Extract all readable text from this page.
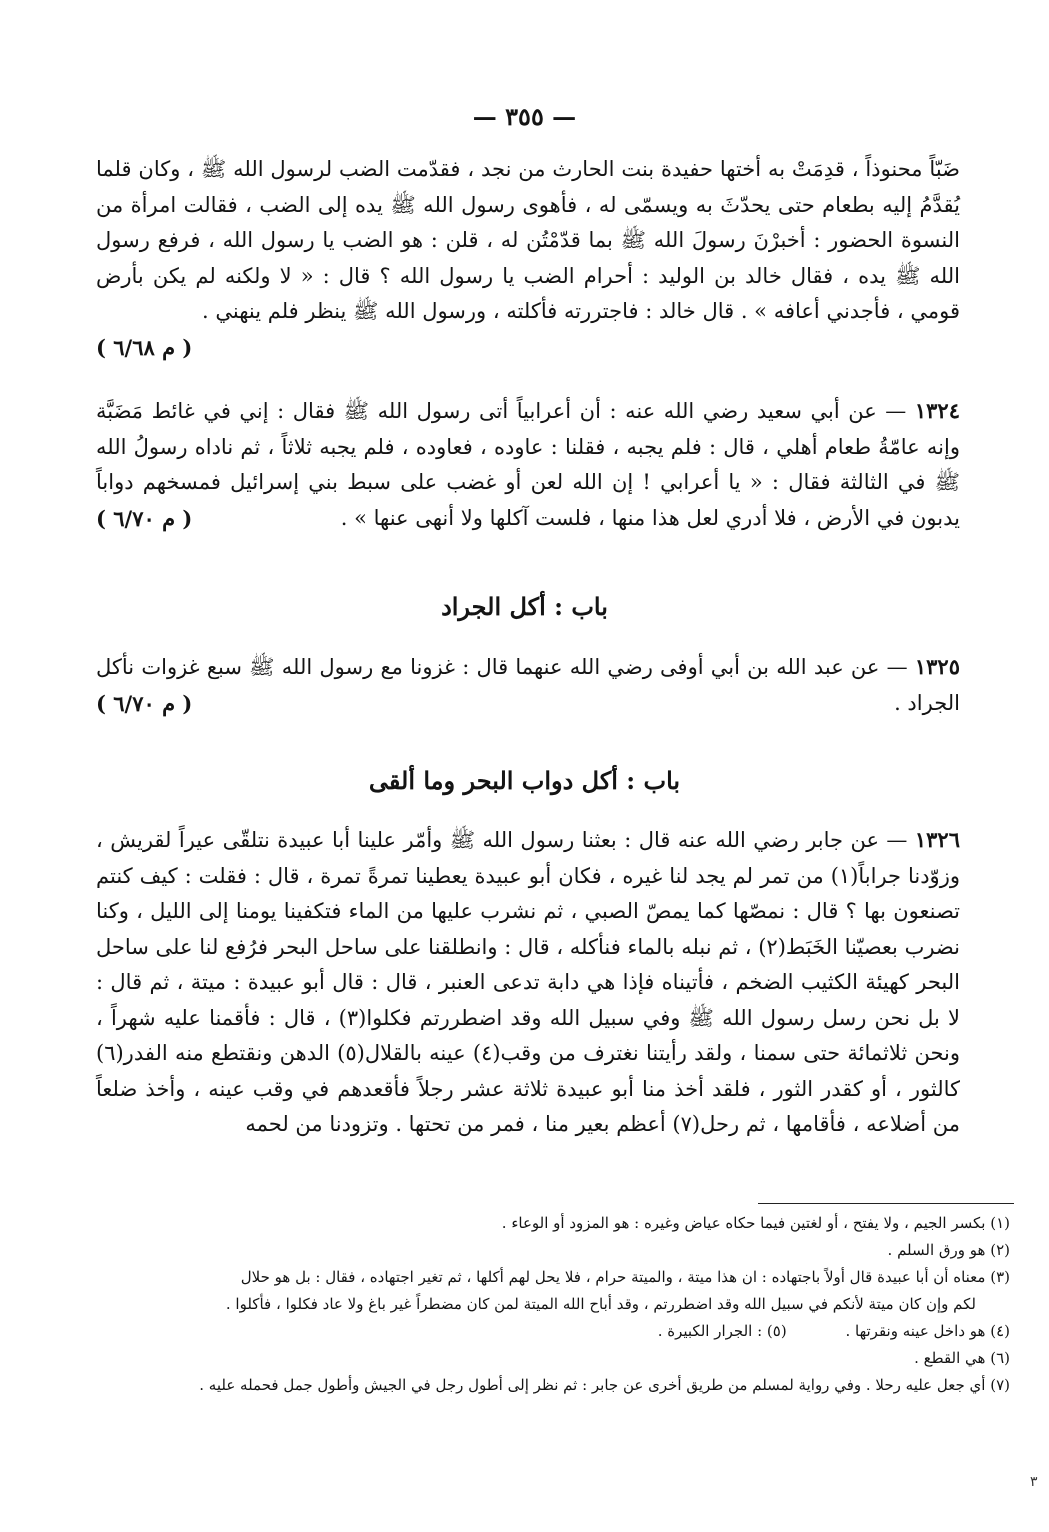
— ٣٥٥ —
ضَبّاً محنوذاً ، قدِمَتْ به أختها حفيدة بنت الحارث من نجد ، فقدّمت الضب لرسول الله ﷺ ، وكان قلما يُقدَّمُ إليه بطعام حتى يحدّثَ به ويسمّى له ، فأهوى رسول الله ﷺ يده إلى الضب ، فقالت امرأة من النسوة الحضور : أخبرْنَ رسولَ الله ﷺ بما قدّمْتُن له ، قلن : هو الضب يا رسول الله ، فرفع رسول الله ﷺ يده ، فقال خالد بن الوليد : أحرام الضب يا رسول الله ؟ قال : « لا ولكنه لم يكن بأرض قومي ، فأجدني أعافه » . قال خالد : فاجتررته فأكلته ، ورسول الله ﷺ ينظر فلم ينهني .
( م ٦/٦٨ )
١٣٢٤ — عن أبي سعيد رضي الله عنه : أن أعرابياً أتى رسول الله ﷺ فقال : إني في غائط مَضَبَّة وإنه عامّةُ طعام أهلي ، قال : فلم يجبه ، فقلنا : عاوده ، فعاوده ، فلم يجبه ثلاثاً ، ثم ناداه رسولُ الله ﷺ في الثالثة فقال : « يا أعرابي ! إن الله لعن أو غضب على سبط بني إسرائيل فمسخهم دواباً يدبون في الأرض ، فلا أدري لعل هذا منها ، فلست آكلها ولا أنهى عنها » .
( م ٦/٧٠ )
باب : أكل الجراد
١٣٢٥ — عن عبد الله بن أبي أوفى رضي الله عنهما قال : غزونا مع رسول الله ﷺ سبع غزوات نأكل الجراد .
( م ٦/٧٠ )
باب : أكل دواب البحر وما ألقى
١٣٢٦ — عن جابر رضي الله عنه قال : بعثنا رسول الله ﷺ وأمّر علينا أبا عبيدة نتلقّى عيراً لقريش ، وزوّدنا جراباً(١) من تمر لم يجد لنا غيره ، فكان أبو عبيدة يعطينا تمرةً تمرة ، قال : فقلت : كيف كنتم تصنعون بها ؟ قال : نمصّها كما يمصّ الصبي ، ثم نشرب عليها من الماء فتكفينا يومنا إلى الليل ، وكنا نضرب بعصيّنا الخَبَط(٢) ، ثم نبله بالماء فنأكله ، قال : وانطلقنا على ساحل البحر فرُفع لنا على ساحل البحر كهيئة الكثيب الضخم ، فأتيناه فإذا هي دابة تدعى العنبر ، قال : قال أبو عبيدة : ميتة ، ثم قال : لا بل نحن رسل رسول الله ﷺ وفي سبيل الله وقد اضطررتم فكلوا(٣) ، قال : فأقمنا عليه شهراً ، ونحن ثلاثمائة حتى سمنا ، ولقد رأيتنا نغترف من وقب(٤) عينه بالقلال(٥) الدهن ونقتطع منه الفدر(٦) كالثور ، أو كقدر الثور ، فلقد أخذ منا أبو عبيدة ثلاثة عشر رجلاً فأقعدهم في وقب عينه ، وأخذ ضلعاً من أضلاعه ، فأقامها ، ثم رحل(٧) أعظم بعير منا ، فمر من تحتها . وتزودنا من لحمه

(١) بكسر الجيم ، ولا يفتح ، أو لغتين فيما حكاه عياض وغيره : هو المزود أو الوعاء .

(٢) هو ورق السلم .

(٣) معناه أن أبا عبيدة قال أولاً باجتهاده : ان هذا ميتة ، والميتة حرام ، فلا يحل لهم أكلها ، ثم تغير اجتهاده ، فقال : بل هو حلال

لكم وإن كان ميتة لأنكم في سبيل الله وقد اضطررتم ، وقد أباح الله الميتة لمن كان مضطراً غير باغ ولا عاد فكلوا ، فأكلوا .

(٤) هو داخل عينه ونقرتها . (٥) : الجرار الكبيرة .

(٦) هي القطع .

(٧) أي جعل عليه رحلا . وفي رواية لمسلم من طريق أخرى عن جابر : ثم نظر إلى أطول رجل في الجيش وأطول جمل فحمله عليه .

٣
